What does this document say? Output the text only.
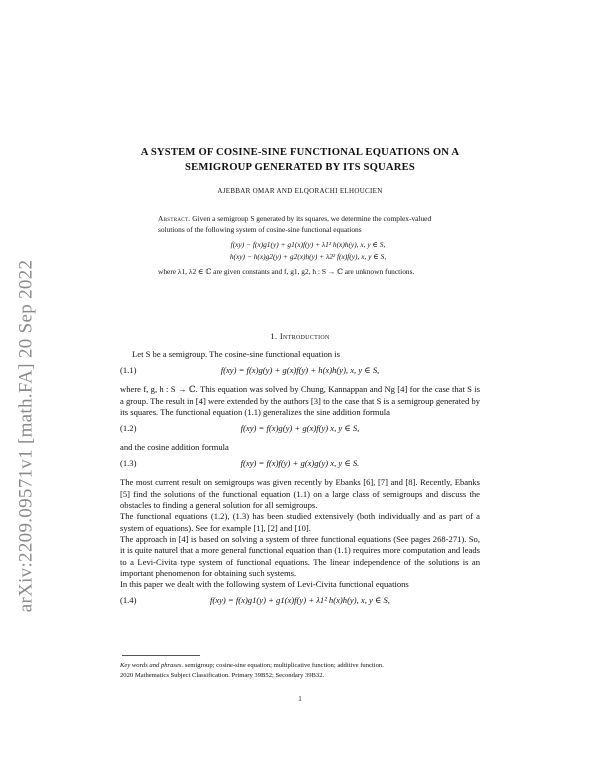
arXiv:2209.09571v1 [math.FA] 20 Sep 2022
A SYSTEM OF COSINE-SINE FUNCTIONAL EQUATIONS ON A
SEMIGROUP GENERATED BY ITS SQUARES
AJEBBAR OMAR AND ELQORACHI ELHOUCIEN

Abstract. Given a semigroup S generated by its squares, we determine the complex-valued solutions of the following system of cosine-sine functional equations

f(xy) − f(x)g1(y) + g1(x)f(y) + λ1² h(x)h(y), x, y ∈ S,
h(xy) − h(x)g2(y) + g2(x)h(y) + λ2² f(x)f(y), x, y ∈ S,

where λ1, λ2 ∈ ℂ are given constants and f, g1, g2, h : S → ℂ are unknown functions.

1. Introduction

Let S be a semigroup. The cosine-sine functional equation is

(1.1)	f(xy) = f(x)g(y) + g(x)f(y) + h(x)h(y), x, y ∈ S,

where f, g, h : S → ℂ. This equation was solved by Chung, Kannappan and Ng [4] for the case that S is a group. The result in [4] were extended by the authors [3] to the case that S is a semigroup generated by its squares. The functional equation (1.1) generalizes the sine addition formula

(1.2)	f(xy) = f(x)g(y) + g(x)f(y) x, y ∈ S,

and the cosine addition formula

(1.3)	f(xy) = f(x)f(y) + g(x)g(y) x, y ∈ S.

The most current result on semigroups was given recently by Ebanks [6], [7] and [8]. Recently, Ebanks [5] find the solutions of the functional equation (1.1) on a large class of semigroups and discuss the obstacles to finding a general solution for all semigroups.

The functional equations (1.2), (1.3) has been studied extensively (both individually and as part of a system of equations). See for example [1], [2] and [10].

The approach in [4] is based on solving a system of three functional equations (See pages 268-271). So, it is quite naturel that a more general functional equation than (1.1) requires more computation and leads to a Levi-Civita type system of functional equations. The linear independence of the solutions is an important phenomenon for obtaining such systems.

In this paper we dealt with the following system of Levi-Civita functional equations

(1.4)	f(xy) = f(x)g1(y) + g1(x)f(y) + λ1² h(x)h(y), x, y ∈ S,

Key words and phrases. semigroup; cosine-sine equation; multiplicative function; additive function.

2020 Mathematics Subject Classification. Primary 39B52; Secondary 39B32.

1
